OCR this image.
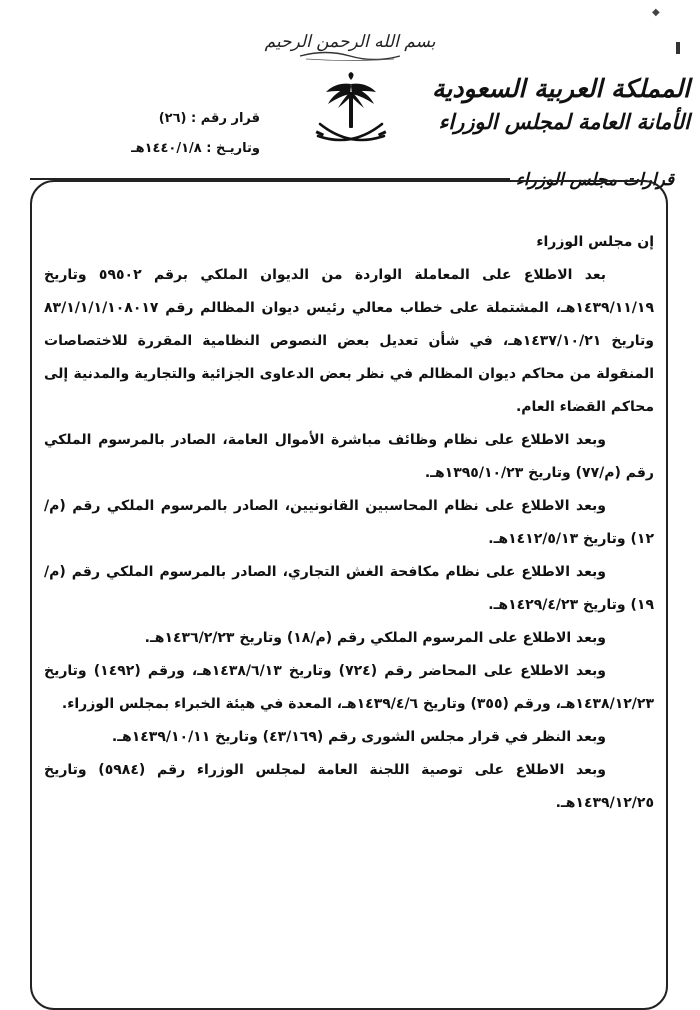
◆
بسم الله الرحمن الرحيم
المملكة العربية السعودية
الأمانة العامة لمجلس الوزراء
قرار رقم : (٢٦)
وتاريـخ : ١٤٤٠/١/٨هـ
قرارات مجلس الوزراء

إن مجلس الوزراء

بعد الاطلاع على المعاملة الواردة من الديوان الملكي برقم ٥٩٥٠٢ وتاريخ ١٤٣٩/١١/١٩هـ، المشتملة على خطاب معالي رئيس ديوان المظالم رقم ٨٣/١/١/١/١٠٨٠١٧ وتاريخ ١٤٣٧/١٠/٢١هـ، في شأن تعديل بعض النصوص النظامية المقررة للاختصاصات المنقولة من محاكم ديوان المظالم في نظر بعض الدعاوى الجزائية والتجارية والمدنية إلى محاكم القضاء العام.

وبعد الاطلاع على نظام وظائف مباشرة الأموال العامة، الصادر بالمرسوم الملكي رقم (م/٧٧) وتاريخ ١٣٩٥/١٠/٢٣هـ.

وبعد الاطلاع على نظام المحاسبين القانونيين، الصادر بالمرسوم الملكي رقم (م/١٢) وتاريخ ١٤١٢/٥/١٣هـ.

وبعد الاطلاع على نظام مكافحة الغش التجاري، الصادر بالمرسوم الملكي رقم (م/١٩) وتاريخ ١٤٢٩/٤/٢٣هـ.

وبعد الاطلاع على المرسوم الملكي رقم (م/١٨) وتاريخ ١٤٣٦/٢/٢٣هـ.

وبعد الاطلاع على المحاضر رقم (٧٢٤) وتاريخ ١٤٣٨/٦/١٣هـ، ورقم (١٤٩٢) وتاريخ ١٤٣٨/١٢/٢٣هـ، ورقم (٣٥٥) وتاريخ ١٤٣٩/٤/٦هـ، المعدة في هيئة الخبراء بمجلس الوزراء.

وبعد النظر في قرار مجلس الشورى رقم (٤٣/١٦٩) وتاريخ ١٤٣٩/١٠/١١هـ.

وبعد الاطلاع على توصية اللجنة العامة لمجلس الوزراء رقم (٥٩٨٤) وتاريخ ١٤٣٩/١٢/٢٥هـ.
